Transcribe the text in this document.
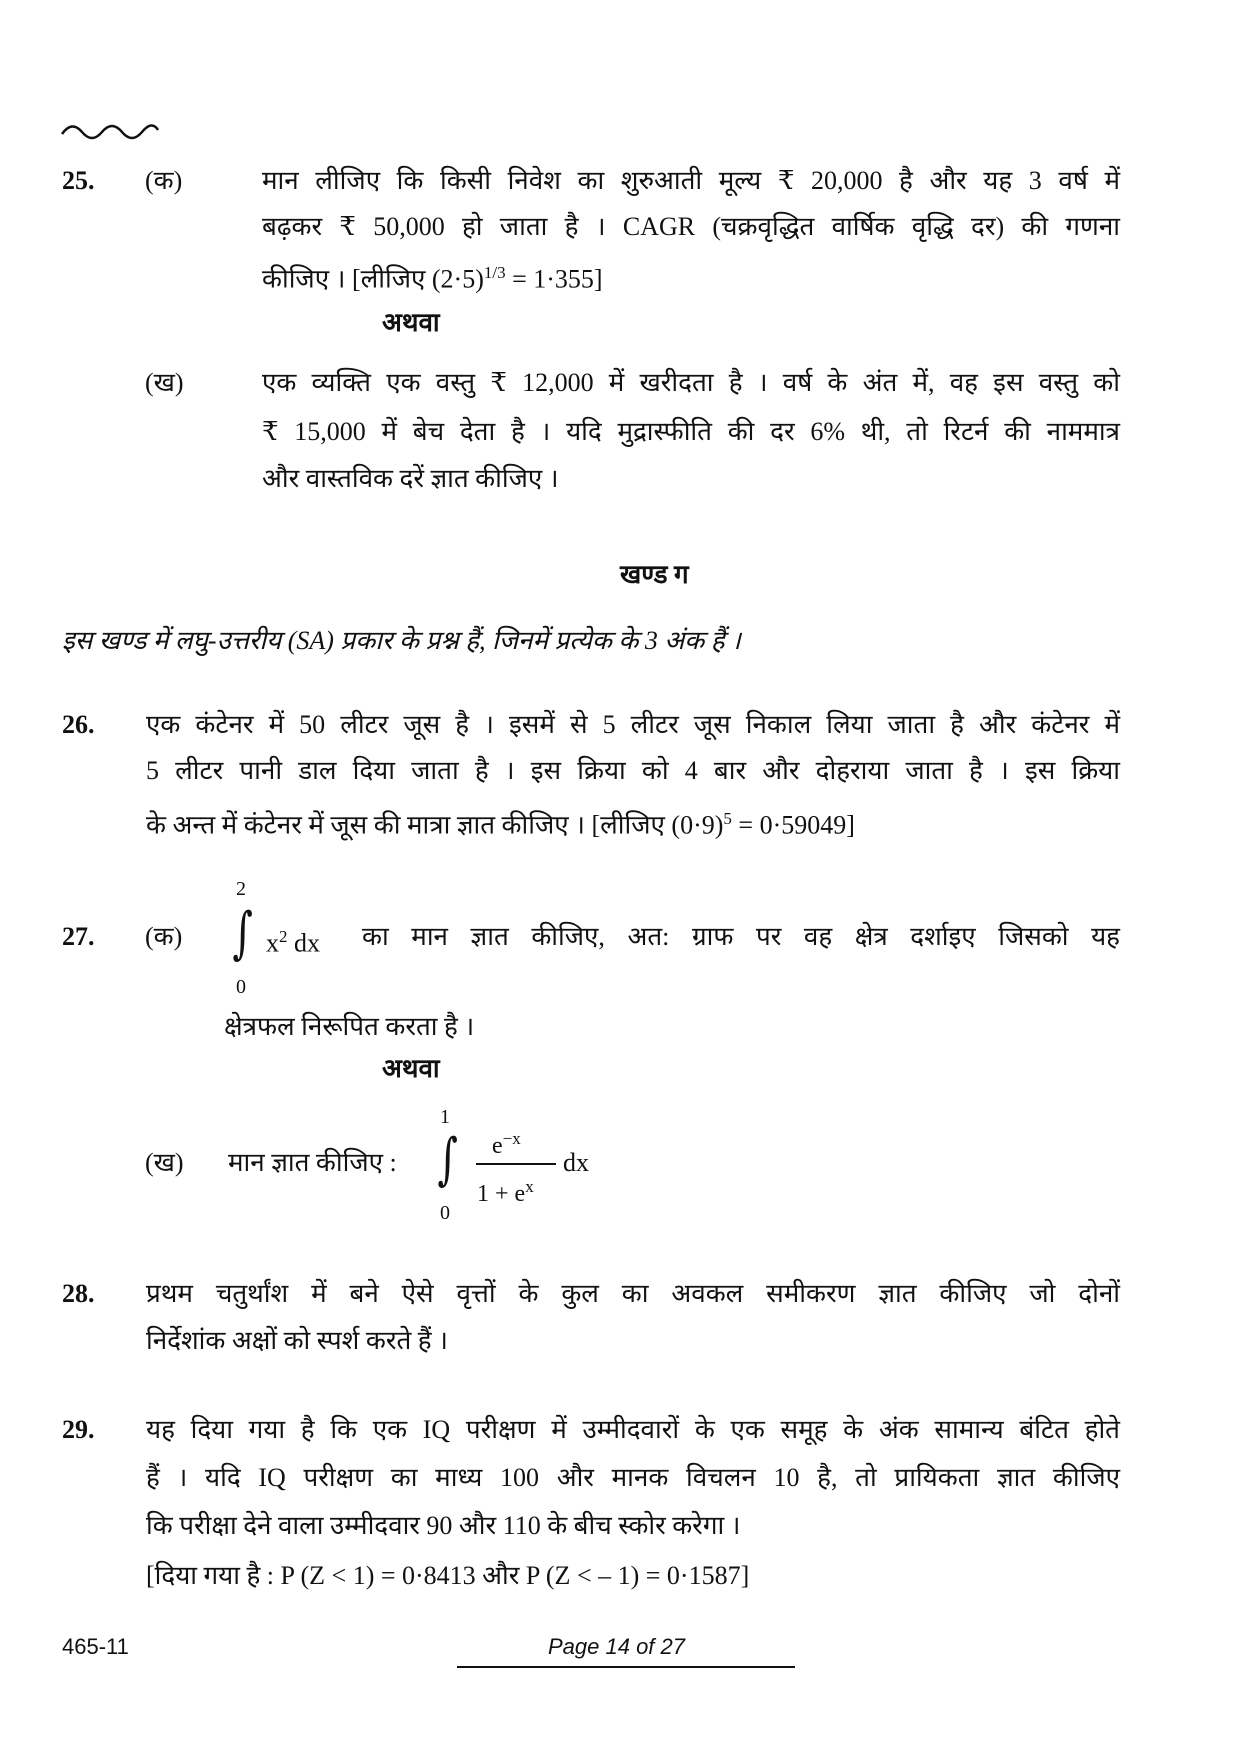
25. (क)	मान लीजिए कि किसी निवेश का शुरुआती मूल्य ₹ 20,000 है और यह 3 वर्ष में
बढ़कर ₹ 50,000 हो जाता है । CAGR (चक्रवृद्धित वार्षिक वृद्धि दर) की गणना
कीजिए । [लीजिए $(2\cdot 5)^{1/3} = 1\cdot 355$]
अथवा
(ख)	एक व्यक्ति एक वस्तु ₹ 12,000 में खरीदता है । वर्ष के अंत में, वह इस वस्तु को
₹ 15,000 में बेच देता है । यदि मुद्रास्फीति की दर 6% थी, तो रिटर्न की नाममात्र
और वास्तविक दरें ज्ञात कीजिए ।
खण्ड ग
इस खण्ड में लघु-उत्तरीय (SA) प्रकार के प्रश्न हैं, जिनमें प्रत्येक के 3 अंक हैं ।
26. एक कंटेनर में 50 लीटर जूस है । इसमें से 5 लीटर जूस निकाल लिया जाता है और कंटेनर में
5 लीटर पानी डाल दिया जाता है । इस क्रिया को 4 बार और दोहराया जाता है । इस क्रिया
के अन्त में कंटेनर में जूस की मात्रा ज्ञात कीजिए । [लीजिए $(0\cdot 9)^5 = 0\cdot 59049$]
27. (क)
2
∫
0
$x^2$ dx का मान ज्ञात कीजिए, अत: ग्राफ पर वह क्षेत्र दर्शाइए जिसको यह
क्षेत्रफल निरूपित करता है ।
अथवा
(ख) मान ज्ञात कीजिए :
1
∫
0
$e^{-x}$
$1 + e^x$
dx
28. प्रथम चतुर्थांश में बने ऐसे वृत्तों के कुल का अवकल समीकरण ज्ञात कीजिए जो दोनों
निर्देशांक अक्षों को स्पर्श करते हैं ।
29. यह दिया गया है कि एक IQ परीक्षण में उम्मीदवारों के एक समूह के अंक सामान्य बंटित होते
हैं । यदि IQ परीक्षण का माध्य 100 और मानक विचलन 10 है, तो प्रायिकता ज्ञात कीजिए
कि परीक्षा देने वाला उम्मीदवार 90 और 110 के बीच स्कोर करेगा ।
[दिया गया है : P (Z < 1) = 0·8413 और P (Z < – 1) = 0·1587]
465-11	Page 14 of 27
